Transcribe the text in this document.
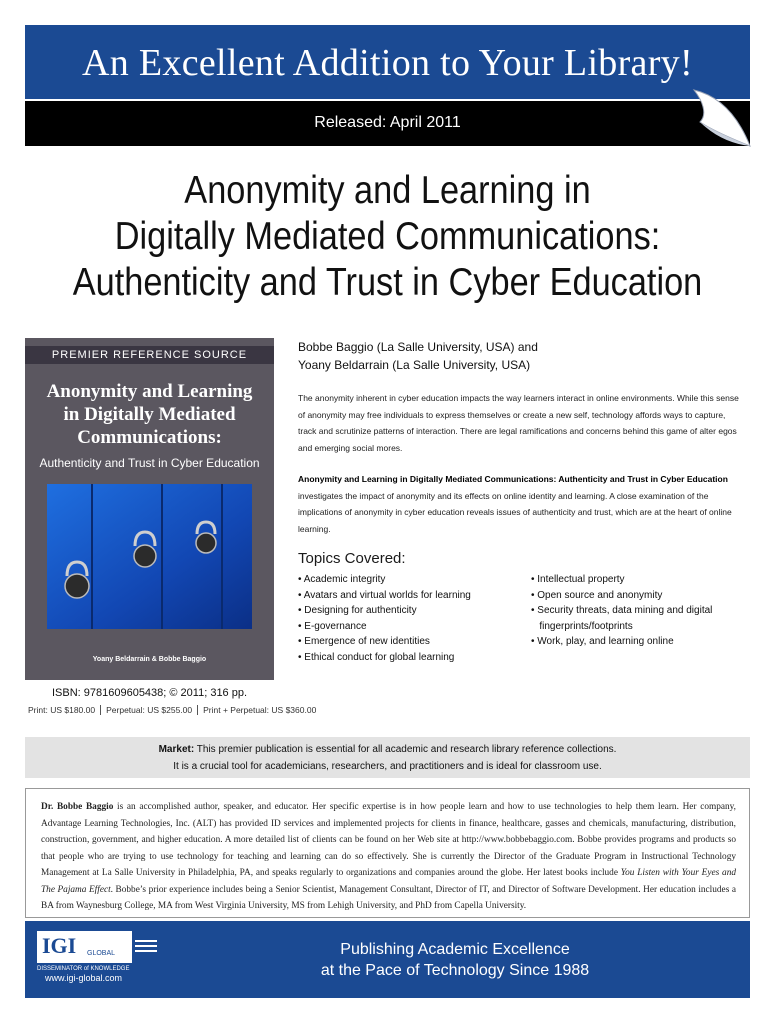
An Excellent Addition to Your Library!
Released: April 2011
Anonymity and Learning in
Digitally Mediated Communications:
Authenticity and Trust in Cyber Education
PREMIER REFERENCE SOURCE
Anonymity and Learning
in Digitally Mediated
Communications:
Authenticity and Trust in Cyber Education
Yoany Beldarrain & Bobbe Baggio
ISBN: 9781609605438; © 2011; 316 pp.
Print: US $180.00 Perpetual: US $255.00 Print + Perpetual: US $360.00
Bobbe Baggio (La Salle University, USA) and
Yoany Beldarrain (La Salle University, USA)

The anonymity inherent in cyber education impacts the way learners interact in online environments. While this sense of anonymity may free individuals to express themselves or create a new self, technology affords ways to capture, track and scrutinize patterns of interaction. There are legal ramifications and concerns behind this game of alter egos and emerging social mores.

Anonymity and Learning in Digitally Mediated Communications: Authenticity and Trust in Cyber Education investigates the impact of anonymity and its effects on online identity and learning. A close examination of the implications of anonymity in cyber education reveals issues of authenticity and trust, which are at the heart of online learning.

Topics Covered:
• Academic integrity
• Avatars and virtual worlds for learning
• Designing for authenticity
• E-governance
• Emergence of new identities
• Ethical conduct for global learning
• Intellectual property
• Open source and anonymity
• Security threats, data mining and digital
fingerprints/footprints
• Work, play, and learning online
Market: This premier publication is essential for all academic and research library reference collections.
It is a crucial tool for academicians, researchers, and practitioners and is ideal for classroom use.

Dr. Bobbe Baggio is an accomplished author, speaker, and educator. Her specific expertise is in how people learn and how to use technologies to help them learn. Her company, Advantage Learning Technologies, Inc. (ALT) has provided ID services and implemented projects for clients in finance, healthcare, gasses and chemicals, manufacturing, distribution, construction, government, and higher education. A more detailed list of clients can be found on her Web site at http://www.bobbebaggio.com. Bobbe provides programs and products so that people who are trying to use technology for teaching and learning can do so effectively. She is currently the Director of the Graduate Program in Instructional Technology Management at La Salle University in Philadelphia, PA, and speaks regularly to organizations and companies around the globe. Her latest books include You Listen with Your Eyes and The Pajama Effect. Bobbe’s prior experience includes being a Senior Scientist, Management Consultant, Director of IT, and Director of Software Development. Her education includes a BA from Waynesburg College, MA from West Virginia University, MS from Lehigh University, and PhD from Capella University.

IGI GLOBAL
DISSEMINATOR of KNOWLEDGE
www.igi-global.com
Publishing Academic Excellence
at the Pace of Technology Since 1988
